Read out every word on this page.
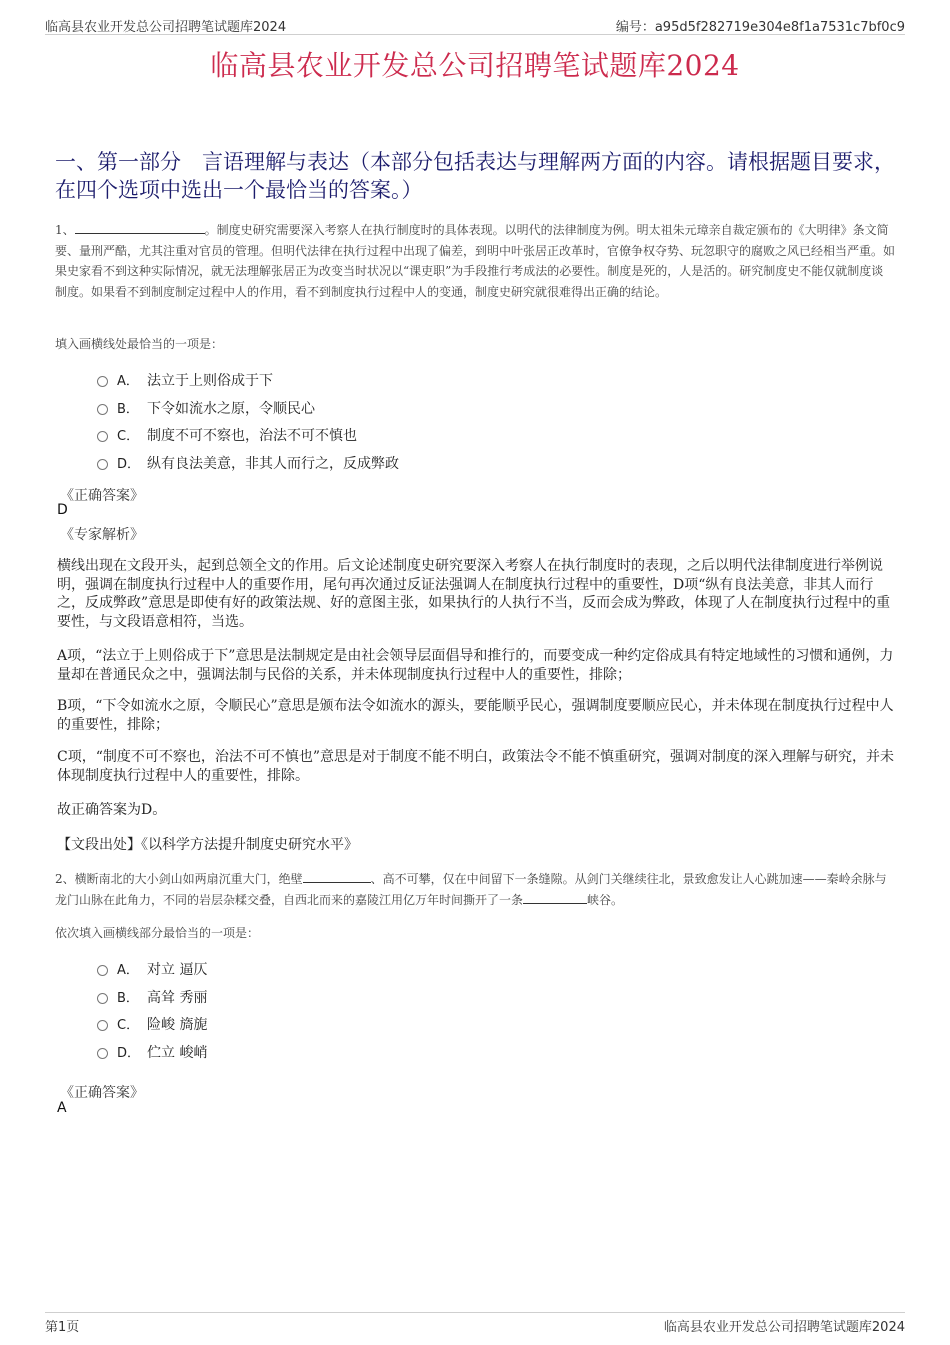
临高县农业开发总公司招聘笔试题库2024	编号：a95d5f282719e304e8f1a7531c7bf0c9
临高县农业开发总公司招聘笔试题库2024
一、第一部分　言语理解与表达（本部分包括表达与理解两方面的内容。请根据题目要求，在四个选项中选出一个最恰当的答案。）
1、	。制度史研究需要深入考察人在执行制度时的具体表现。以明代的法律制度为例。明太祖朱元璋亲自裁定颁布的《大明律》条文简要、量刑严酷，尤其注重对官员的管理。但明代法律在执行过程中出现了偏差，到明中叶张居正改革时，官僚争权夺势、玩忽职守的腐败之风已经相当严重。如果史家看不到这种实际情况，就无法理解张居正为改变当时状况以“课吏职”为手段推行考成法的必要性。制度是死的，人是活的。研究制度史不能仅就制度谈制度。如果看不到制度制定过程中人的作用，看不到制度执行过程中人的变通，制度史研究就很难得出正确的结论。
填入画横线处最恰当的一项是：
A． 法立于上则俗成于下
B． 下令如流水之原，令顺民心
C． 制度不可不察也，治法不可不慎也
D． 纵有良法美意，非其人而行之，反成弊政
《正确答案》
D
《专家解析》
横线出现在文段开头，起到总领全文的作用。后文论述制度史研究要深入考察人在执行制度时的表现，之后以明代法律制度进行举例说明，强调在制度执行过程中人的重要作用，尾句再次通过反证法强调人在制度执行过程中的重要性，D项“纵有良法美意，非其人而行之，反成弊政”意思是即使有好的政策法规、好的意图主张，如果执行的人执行不当，反而会成为弊政，体现了人在制度执行过程中的重要性，与文段语意相符，当选。
A项，“法立于上则俗成于下”意思是法制规定是由社会领导层面倡导和推行的，而要变成一种约定俗成具有特定地域性的习惯和通例，力量却在普通民众之中，强调法制与民俗的关系，并未体现制度执行过程中人的重要性，排除；
B项，“下令如流水之原，令顺民心”意思是颁布法令如流水的源头，要能顺乎民心，强调制度要顺应民心，并未体现在制度执行过程中人的重要性，排除；
C项，“制度不可不察也，治法不可不慎也”意思是对于制度不能不明白，政策法令不能不慎重研究，强调对制度的深入理解与研究，并未体现制度执行过程中人的重要性，排除。
故正确答案为D。
【文段出处】《以科学方法提升制度史研究水平》
2、横断南北的大小剑山如两扇沉重大门，绝壁	、高不可攀，仅在中间留下一条缝隙。从剑门关继续往北，景致愈发让人心跳加速——秦岭余脉与龙门山脉在此角力，不同的岩层杂糅交叠，自西北而来的嘉陵江用亿万年时间撕开了一条	峡谷。
依次填入画横线部分最恰当的一项是：
A． 对立 逼仄
B． 高耸 秀丽
C． 险峻 旖旎
D． 伫立 峻峭
《正确答案》
A
第1页	临高县农业开发总公司招聘笔试题库2024
